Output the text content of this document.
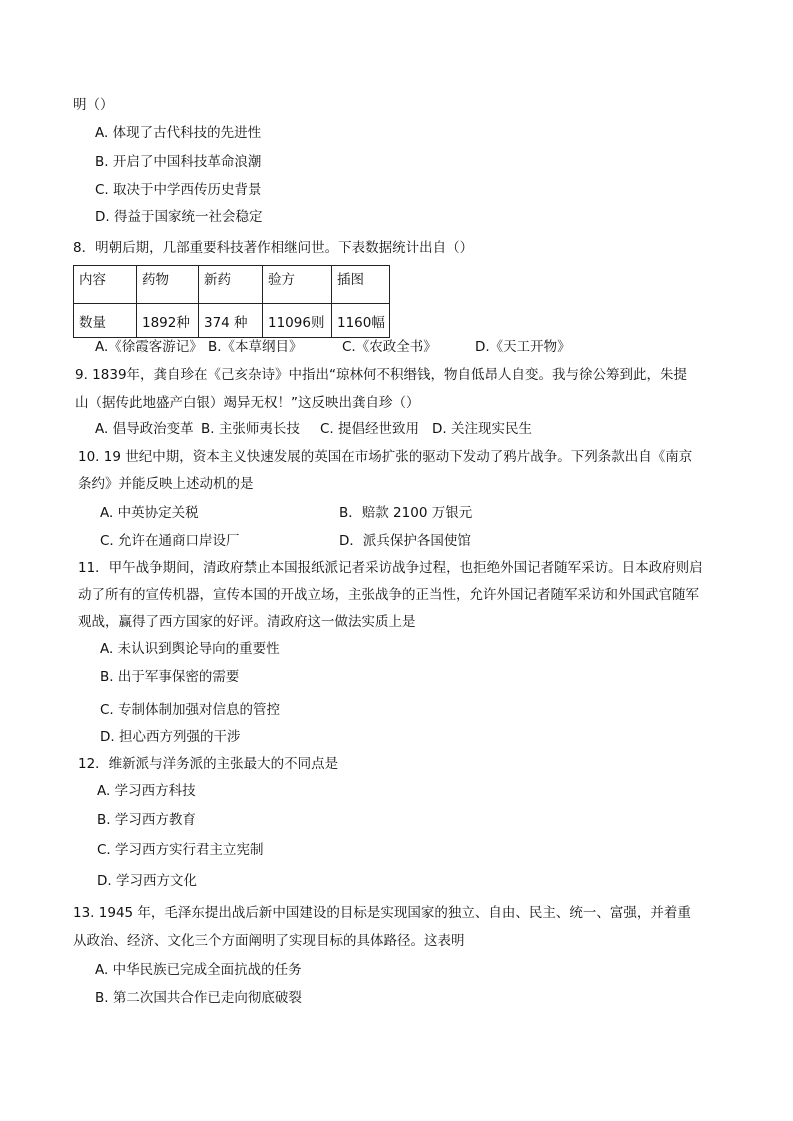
明（）
A. 体现了古代科技的先进性
B. 开启了中国科技革命浪潮
C. 取决于中学西传历史背景
D. 得益于国家统一社会稳定
8．明朝后期，几部重要科技著作相继问世。下表数据统计出自（）
内容	药物	新药	验方	插图
数量	1892种	374 种	11096则	1160幅
A.《徐霞客游记》 B.《本草纲目》	C.《农政全书》	D.《天工开物》
9. 1839年，龚自珍在《己亥杂诗》中指出“琼林何不积缗钱，物自低昂人自变。我与徐公筹到此，朱提
山（据传此地盛产白银）竭异无权！”这反映出龚自珍（）
A. 倡导政治变革 B. 主张师夷长技 C. 提倡经世致用 D. 关注现实民生
10. 19 世纪中期，资本主义快速发展的英国在市场扩张的驱动下发动了鸦片战争。下列条款出自《南京
条约》并能反映上述动机的是
A. 中英协定关税	B．赔款 2100 万银元
C. 允许在通商口岸设厂	D．派兵保护各国使馆
11．甲午战争期间，清政府禁止本国报纸派记者采访战争过程，也拒绝外国记者随军采访。日本政府则启
动了所有的宣传机器，宣传本国的开战立场，主张战争的正当性，允许外国记者随军采访和外国武官随军
观战，赢得了西方国家的好评。清政府这一做法实质上是
A. 未认识到舆论导向的重要性
B. 出于军事保密的需要
C. 专制体制加强对信息的管控
D. 担心西方列强的干涉
12．维新派与洋务派的主张最大的不同点是
A. 学习西方科技
B. 学习西方教育
C. 学习西方实行君主立宪制
D. 学习西方文化
13. 1945 年，毛泽东提出战后新中国建设的目标是实现国家的独立、自由、民主、统一、富强，并着重
从政治、经济、文化三个方面阐明了实现目标的具体路径。这表明
A. 中华民族已完成全面抗战的任务
B. 第二次国共合作已走向彻底破裂
